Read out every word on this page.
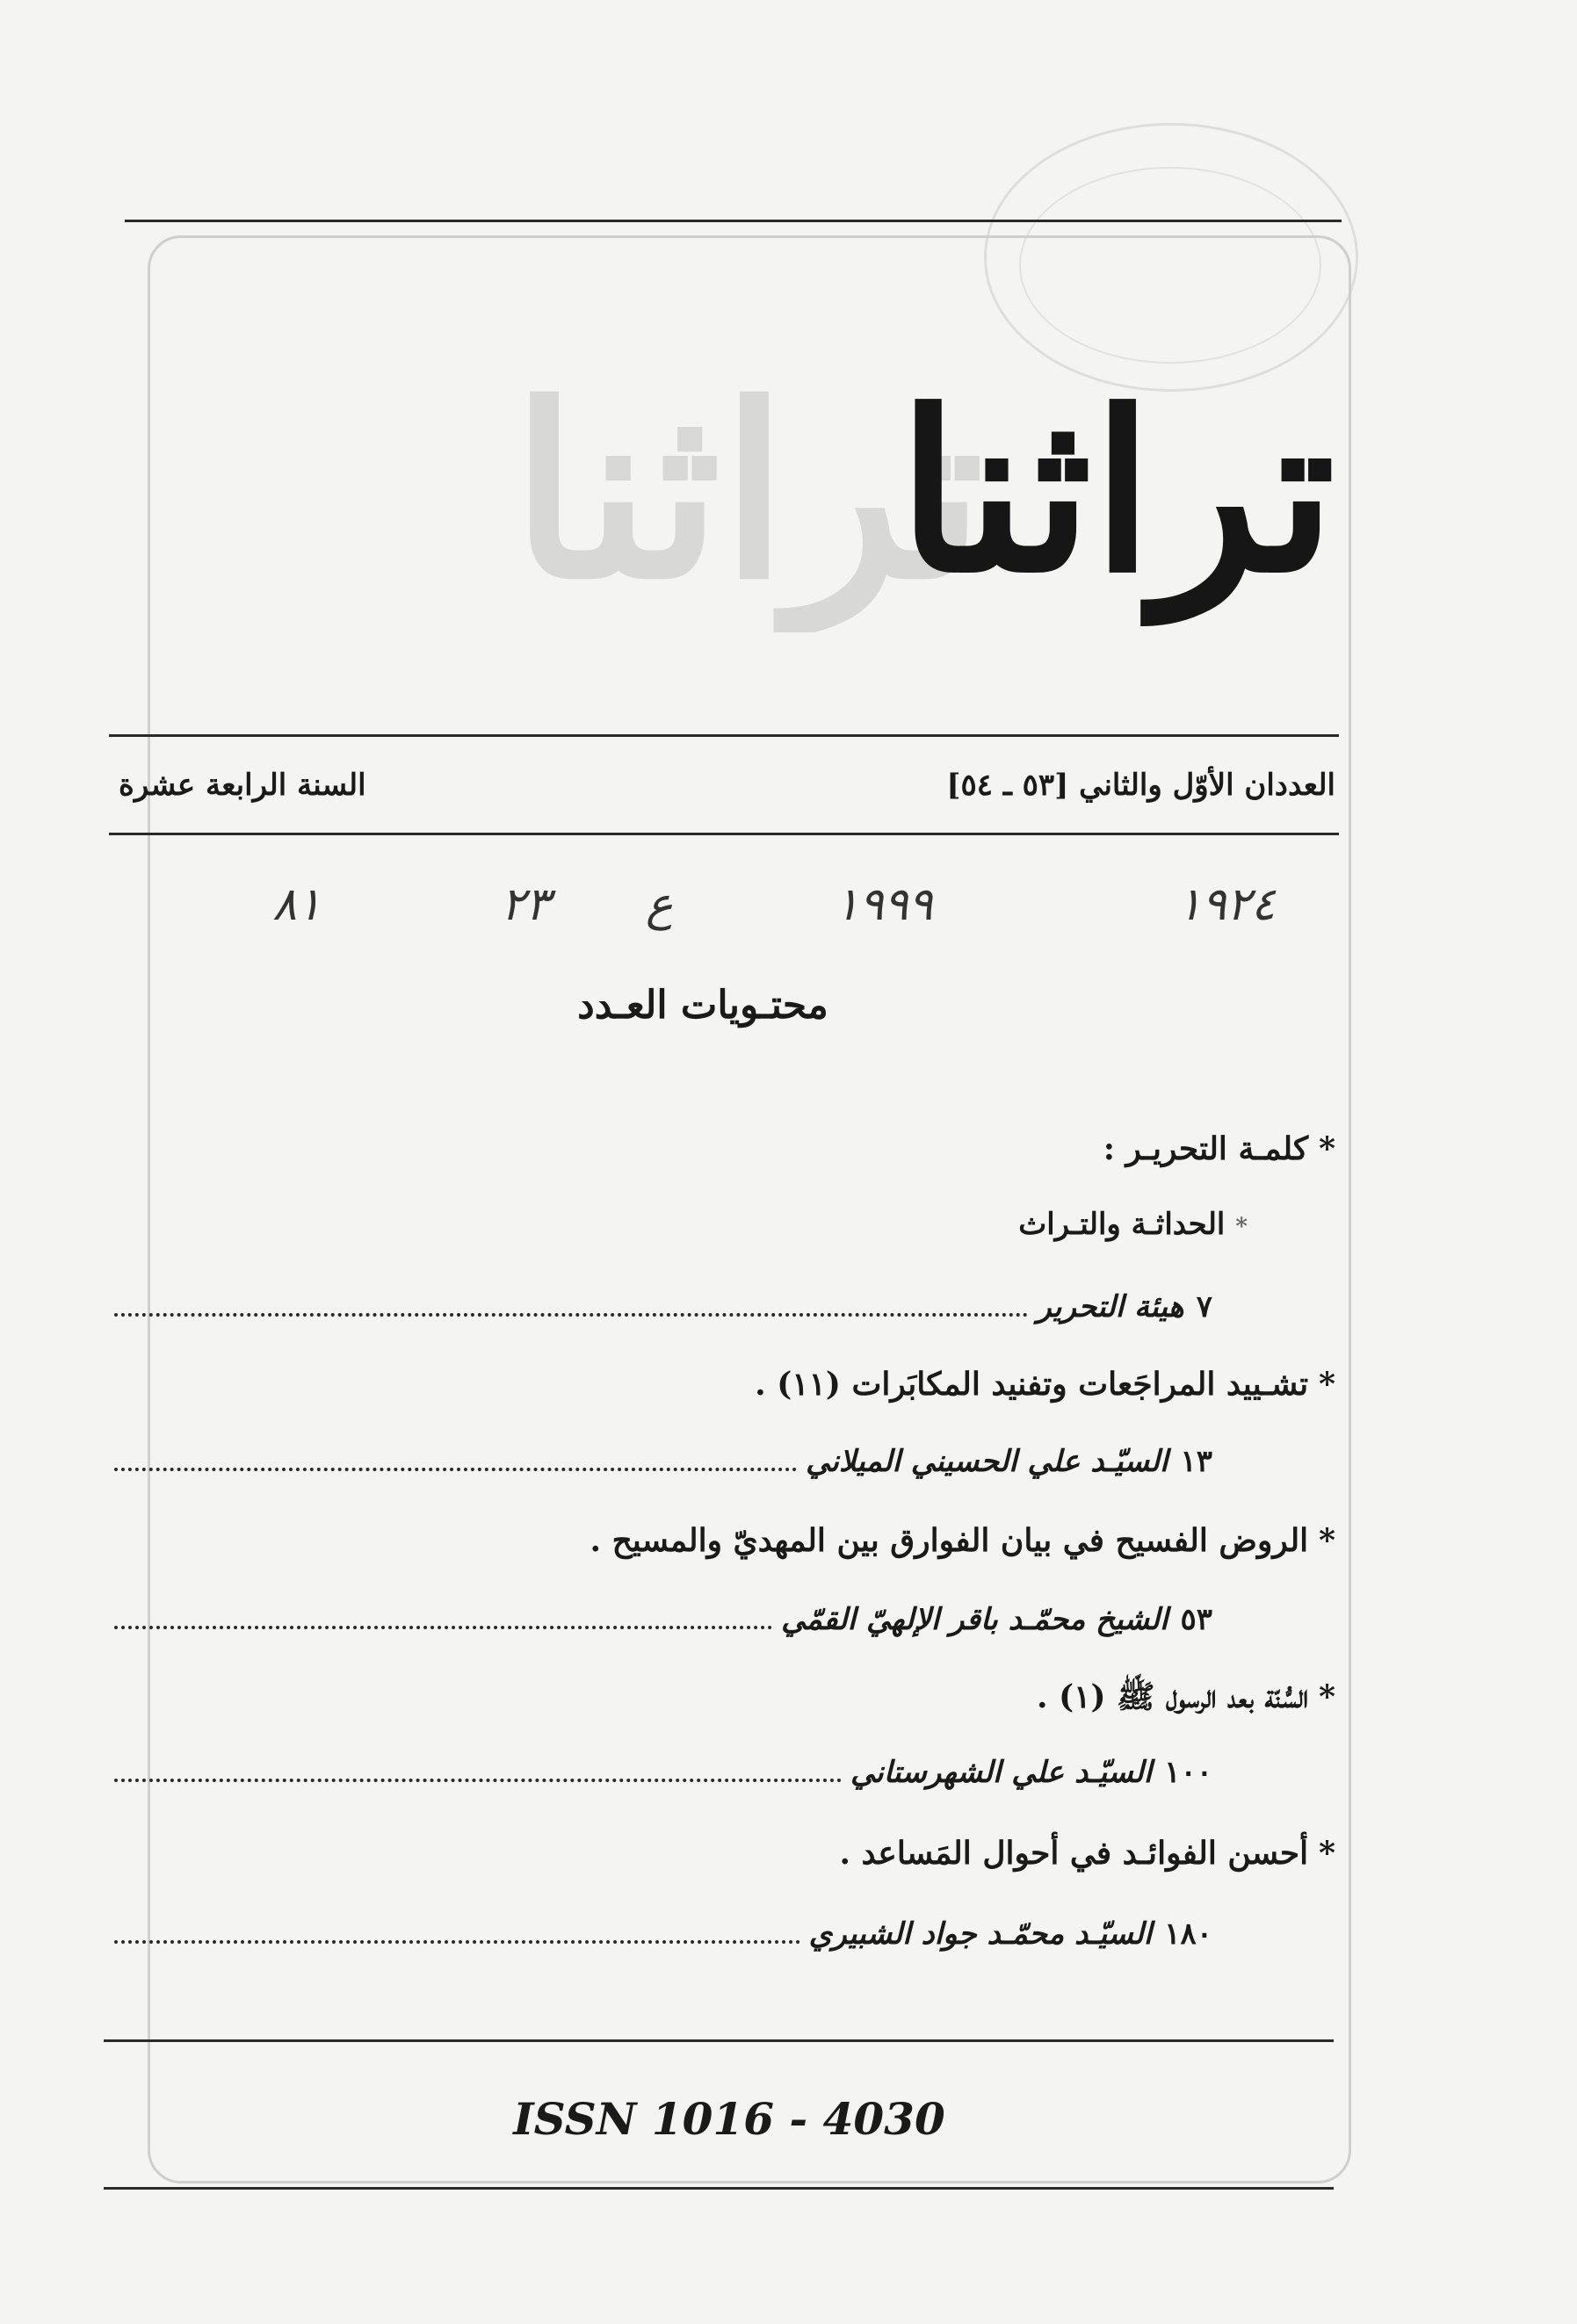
تراثنا
تراثنا
العددان الأوّل والثاني [٥٣ ـ ٥٤]
السنة الرابعة عشرة
١٩٢٤
١٩٩٩
ع
٢٣
٨١
محتـويات العـدد
*كلمـة التحريـر :
*الحداثـة والتـراث
٧
هيئة التحرير
*تشـييد المراجَعات وتفنيد المكابَرات (١١) .
١٣
السيّـد علي الحسيني الميلاني
*الروض الفسيح في بيان الفوارق بين المهديّ والمسيح .
٥٣
الشيخ محمّـد باقر الإلهيّ القمّي
*السُّنّة بعد الرسول ﷺ (١) .
١٠٠
السيّـد علي الشهرستاني
*أحسن الفوائـد في أحوال المَساعد .
١٨٠
السيّـد محمّـد جواد الشبيري
ISSN 1016 - 4030
